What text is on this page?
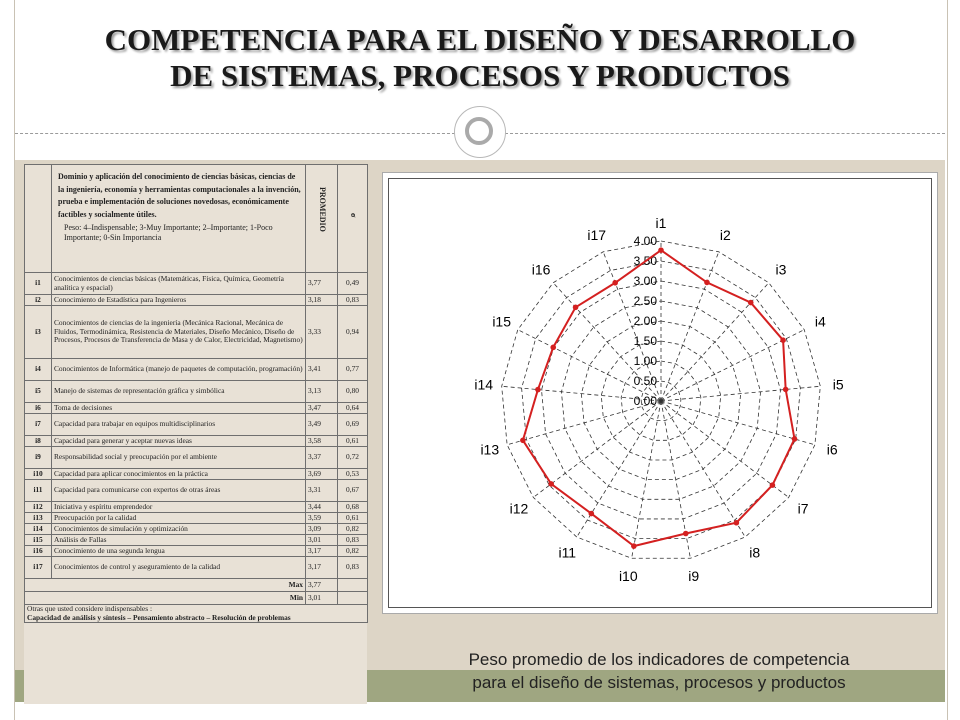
COMPETENCIA PARA EL DISEÑO Y DESARROLLO
DE SISTEMAS, PROCESOS Y PRODUCTOS

	Dominio y aplicación del conocimiento de ciencias básicas, ciencias de la ingeniería, economía y herramientas computacionales a la invención, prueba e implementación de soluciones novedosas, económicamente factibles y socialmente útiles.
Peso: 4–Indispensable; 3-Muy Importante; 2–Importante; 1-Poco Importante; 0-Sin Importancia	PROMEDIO	σ
i1	Conocimientos de ciencias básicas (Matemáticas, Física, Química, Geometría analítica y espacial)	3,77	0,49
i2	Conocimiento de Estadística para Ingenieros	3,18	0,83
i3	Conocimientos de ciencias de la ingeniería (Mecánica Racional, Mecánica de Fluidos, Termodinámica, Resistencia de Materiales, Diseño Mecánico, Diseño de Procesos, Procesos de Transferencia de Masa y de Calor, Electricidad, Magnetismo)	3,33	0,94
i4	Conocimientos de Informática (manejo de paquetes de computación, programación)	3,41	0,77
i5	Manejo de sistemas de representación gráfica y simbólica	3,13	0,80
i6	Toma de decisiones	3,47	0,64
i7	Capacidad para trabajar en equipos multidisciplinarios	3,49	0,69
i8	Capacidad para generar y aceptar nuevas ideas	3,58	0,61
i9	Responsabilidad social y preocupación por el ambiente	3,37	0,72
i10	Capacidad para aplicar conocimientos en la práctica	3,69	0,53
i11	Capacidad para comunicarse con expertos de otras áreas	3,31	0,67
i12	Iniciativa y espíritu emprendedor	3,44	0,68
i13	Preocupación por la calidad	3,59	0,61
i14	Conocimientos de simulación y optimización	3,09	0,82
i15	Análisis de Fallas	3,01	0,83
i16	Conocimiento de una segunda lengua	3,17	0,82
i17	Conocimientos de control y aseguramiento de la calidad	3,17	0,83
Max		3,77	
Min		3,01	

Otras que usted considere indispensables :
Capacidad de análisis y síntesis – Pensamiento abstracto – Resolución de problemas			
0.00
0.50
1.00
1.50
2.00
2.50
3.00
3.50
4.00
i1
i2
i3
i4
i5
i6
i7
i8
i9
i10
i11
i12
i13
i14
i15
i16
i17
Peso promedio de los indicadores de competencia
para el diseño de sistemas, procesos y productos
